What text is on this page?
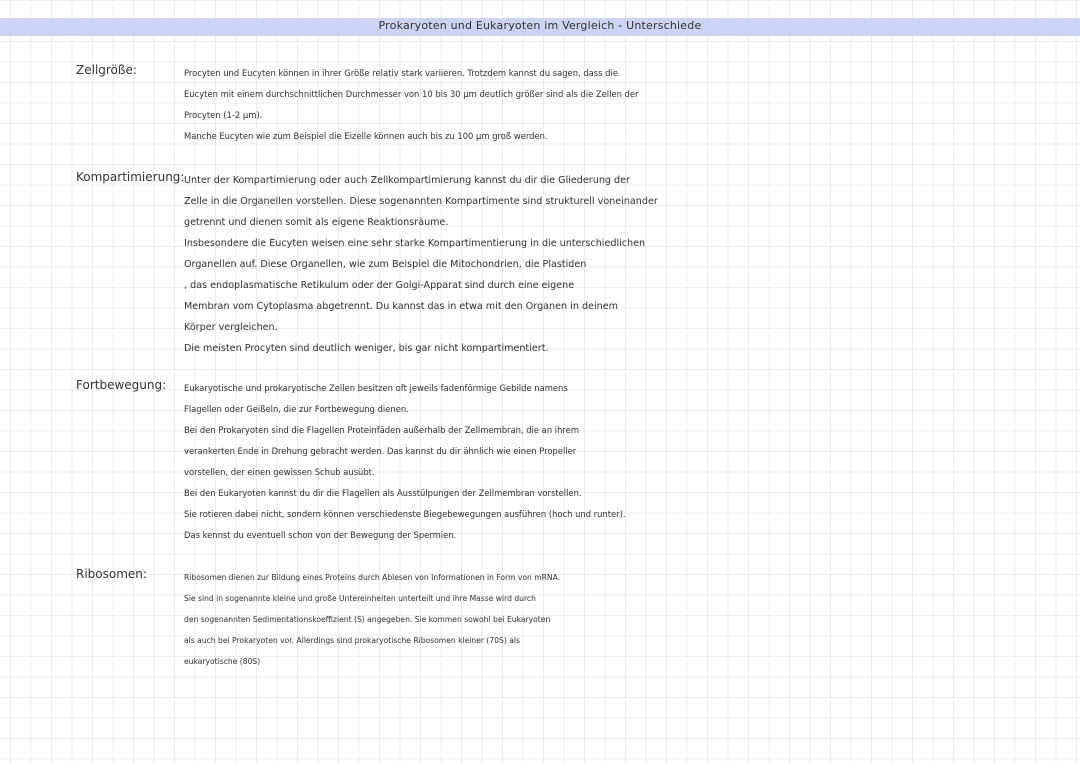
Prokaryoten und Eukaryoten im Vergleich - Unterschiede
Zellgröße:	Procyten und Eucyten können in ihrer Größe relativ stark variieren. Trotzdem kannst du sagen, dass die
Eucyten mit einem durchschnittlichen Durchmesser von 10 bis 30 µm deutlich größer sind als die Zellen der
Procyten (1-2 µm).
Manche Eucyten wie zum Beispiel die Eizelle können auch bis zu 100 µm groß werden.
Kompartimierung: Unter der Kompartimierung oder auch Zellkompartimierung kannst du dir die Gliederung der
Zelle in die Organellen vorstellen. Diese sogenannten Kompartimente sind strukturell voneinander
getrennt und dienen somit als eigene Reaktionsräume.
Insbesondere die Eucyten weisen eine sehr starke Kompartimentierung in die unterschiedlichen
Organellen auf. Diese Organellen, wie zum Beispiel die Mitochondrien, die Plastiden
, das endoplasmatische Retikulum oder der Golgi-Apparat sind durch eine eigene
Membran vom Cytoplasma abgetrennt. Du kannst das in etwa mit den Organen in deinem
Körper vergleichen.
Die meisten Procyten sind deutlich weniger, bis gar nicht kompartimentiert.
Fortbewegung: Eukaryotische und prokaryotische Zellen besitzen oft jeweils fadenförmige Gebilde namens
Flagellen oder Geißeln, die zur Fortbewegung dienen.
Bei den Prokaryoten sind die Flagellen Proteinfäden außerhalb der Zellmembran, die an ihrem
verankerten Ende in Drehung gebracht werden. Das kannst du dir ähnlich wie einen Propeller
vorstellen, der einen gewissen Schub ausübt.
Bei den Eukaryoten kannst du dir die Flagellen als Ausstülpungen der Zellmembran vorstellen.
Sie rotieren dabei nicht, sondern können verschiedenste Biegebewegungen ausführen (hoch und runter).
Das kennst du eventuell schon von der Bewegung der Spermien.
Ribosomen:	Ribosomen dienen zur Bildung eines Proteins durch Ablesen von Informationen in Form von mRNA.
Sie sind in sogenannte kleine und große Untereinheiten unterteilt und ihre Masse wird durch
den sogenannten Sedimentationskoeffizient (S) angegeben. Sie kommen sowohl bei Eukaryoten
als auch bei Prokaryoten vor. Allerdings sind prokaryotische Ribosomen kleiner (70S) als
eukaryotische (80S)
